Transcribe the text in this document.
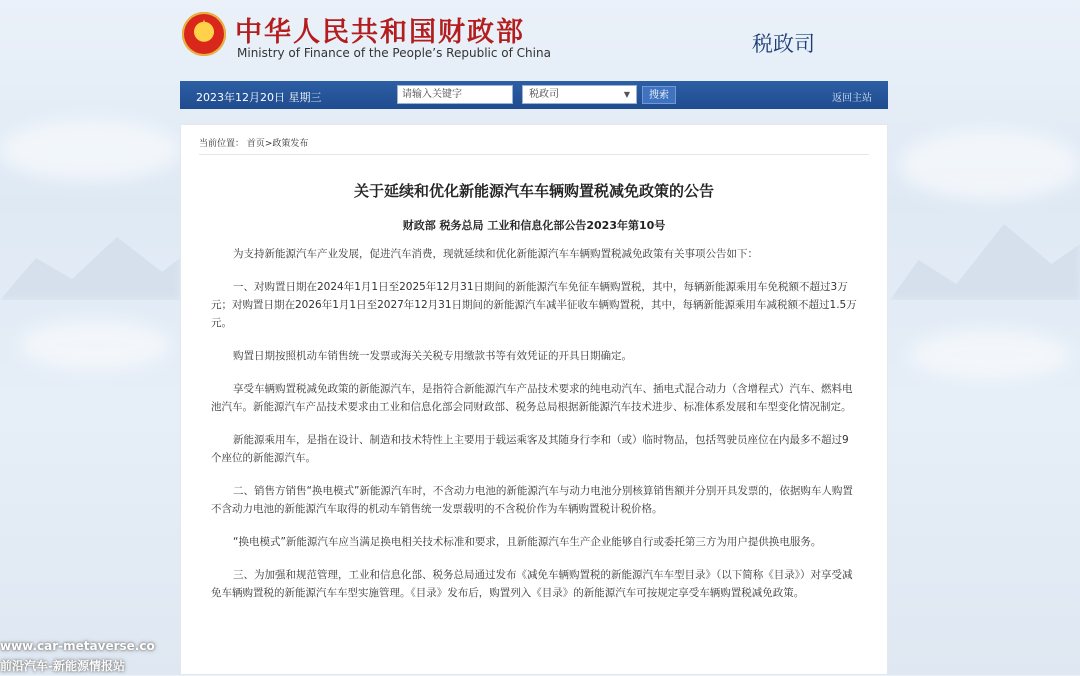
★ 中华人民共和国财政部
Ministry of Finance of the People’s Republic of China	税政司
2023年12月20日 星期三	请输入关键字	税政司	▼	搜索	返回主站
当前位置： 首页>政策发布
关于延续和优化新能源汽车车辆购置税减免政策的公告
财政部 税务总局 工业和信息化部公告2023年第10号

为支持新能源汽车产业发展，促进汽车消费，现就延续和优化新能源汽车车辆购置税减免政策有关事项公告如下：

一、对购置日期在2024年1月1日至2025年12月31日期间的新能源汽车免征车辆购置税，其中，每辆新能源乘用车免税额不超过3万元；对购置日期在2026年1月1日至2027年12月31日期间的新能源汽车减半征收车辆购置税，其中，每辆新能源乘用车减税额不超过1.5万元。

购置日期按照机动车销售统一发票或海关关税专用缴款书等有效凭证的开具日期确定。

享受车辆购置税减免政策的新能源汽车，是指符合新能源汽车产品技术要求的纯电动汽车、插电式混合动力（含增程式）汽车、燃料电池汽车。新能源汽车产品技术要求由工业和信息化部会同财政部、税务总局根据新能源汽车技术进步、标准体系发展和车型变化情况制定。

新能源乘用车，是指在设计、制造和技术特性上主要用于载运乘客及其随身行李和（或）临时物品，包括驾驶员座位在内最多不超过9个座位的新能源汽车。

二、销售方销售“换电模式”新能源汽车时，不含动力电池的新能源汽车与动力电池分别核算销售额并分别开具发票的，依据购车人购置不含动力电池的新能源汽车取得的机动车销售统一发票载明的不含税价作为车辆购置税计税价格。

“换电模式”新能源汽车应当满足换电相关技术标准和要求，且新能源汽车生产企业能够自行或委托第三方为用户提供换电服务。

三、为加强和规范管理，工业和信息化部、税务总局通过发布《减免车辆购置税的新能源汽车车型目录》（以下简称《目录》）对享受减免车辆购置税的新能源汽车车型实施管理。《目录》发布后，购置列入《目录》的新能源汽车可按规定享受车辆购置税减免政策。

www.car-metaverse.co
前沿汽车-新能源情报站
